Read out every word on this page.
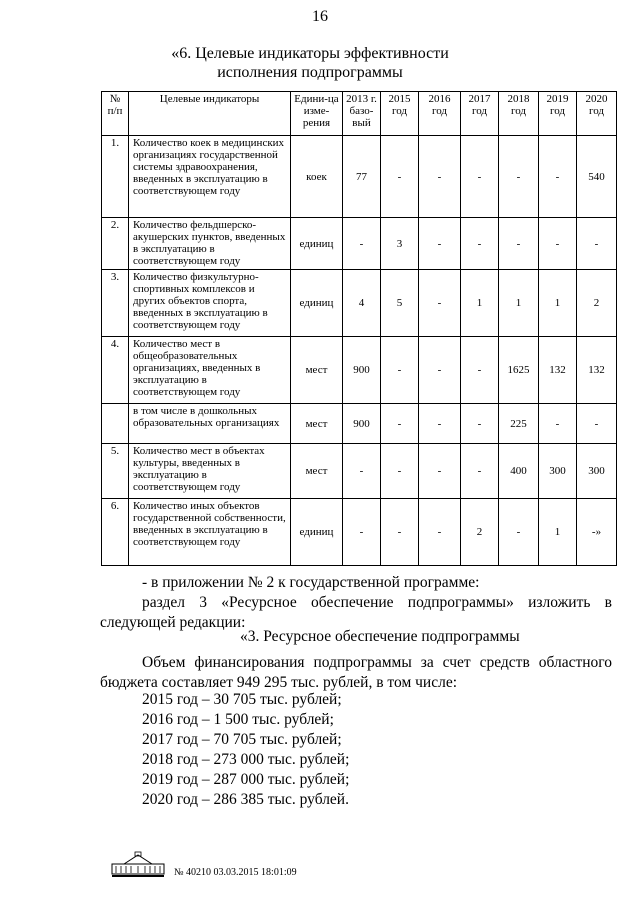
16
«6. Целевые индикаторы эффективности
исполнения подпрограммы
№ п/п	Целевые индикаторы	Едини-ца изме-рения	2013 г. базо-вый	2015 год	2016 год	2017 год	2018 год	2019 год	2020 год
1.	Количество коек в медицинских организациях государственной системы здравоохранения, введенных в эксплуатацию в соответствующем году	коек	77	-	-	-	-	-	540
2.	Количество фельдшерско-акушерских пунктов, введенных в эксплуатацию в соответствующем году	единиц	-	3	-	-	-	-	-
3.	Количество физкультурно-спортивных комплексов и других объектов спорта, введенных в эксплуатацию в соответствующем году	единиц	4	5	-	1	1	1	2
4.	Количество мест в общеобразовательных организациях, введенных в эксплуатацию в соответствующем году	мест	900	-	-	-	1625	132	132
	в том числе в дошкольных образовательных организациях	мест	900	-	-	-	225	-	-
5.	Количество мест в объектах культуры, введенных в эксплуатацию в соответствующем году	мест	-	-	-	-	400	300	300
6.	Количество иных объектов государственной собственности, введенных в эксплуатацию в соответствующем году	единиц	-	-	-	2	-	1	-»
- в приложении № 2 к государственной программе:
раздел 3 «Ресурсное обеспечение подпрограммы» изложить в
следующей редакции:
«3. Ресурсное обеспечение подпрограммы
Объем финансирования подпрограммы за счет средств областного
бюджета составляет 949 295 тыс. рублей, в том числе:
2015 год – 30 705 тыс. рублей;
2016 год – 1 500 тыс. рублей;
2017 год – 70 705 тыс. рублей;
2018 год – 273 000 тыс. рублей;
2019 год – 287 000 тыс. рублей;
2020 год – 286 385 тыс. рублей.
№ 40210 03.03.2015 18:01:09
